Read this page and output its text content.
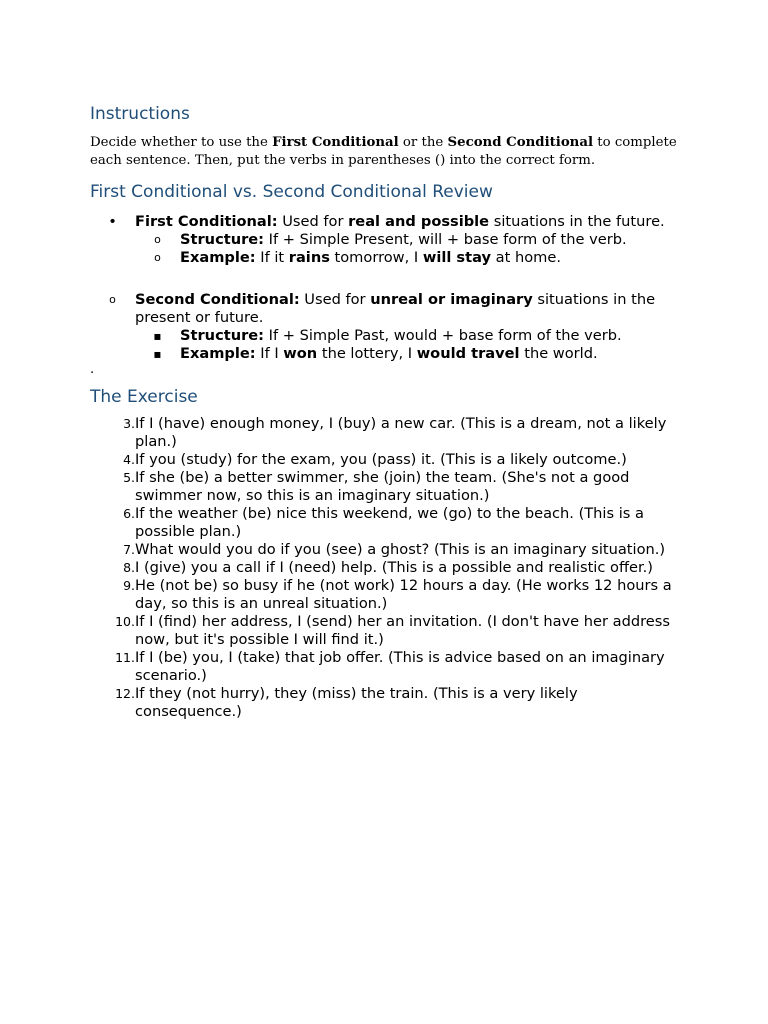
Instructions

Decide whether to use the First Conditional or the Second Conditional to complete each sentence. Then, put the verbs in parentheses () into the correct form.

First Conditional vs. Second Conditional Review
•	First Conditional: Used for real and possible situations in the future.
o	Structure: If + Simple Present, will + base form of the verb.
o	Example: If it rains tomorrow, I will stay at home.
o	Second Conditional: Used for unreal or imaginary situations in the present or future.
▪	Structure: If + Simple Past, would + base form of the verb.
▪	Example: If I won the lottery, I would travel the world.
.
The Exercise
3. If I (have) enough money, I (buy) a new car. (This is a dream, not a likely plan.)
4. If you (study) for the exam, you (pass) it. (This is a likely outcome.)
5. If she (be) a better swimmer, she (join) the team. (She's not a good swimmer now, so this is an imaginary situation.)
6. If the weather (be) nice this weekend, we (go) to the beach. (This is a possible plan.)
7. What would you do if you (see) a ghost? (This is an imaginary situation.)
8. I (give) you a call if I (need) help. (This is a possible and realistic offer.)
9. He (not be) so busy if he (not work) 12 hours a day. (He works 12 hours a day, so this is an unreal situation.)
10. If I (find) her address, I (send) her an invitation. (I don't have her address now, but it's possible I will find it.)
11. If I (be) you, I (take) that job offer. (This is advice based on an imaginary scenario.)
12. If they (not hurry), they (miss) the train. (This is a very likely consequence.)
